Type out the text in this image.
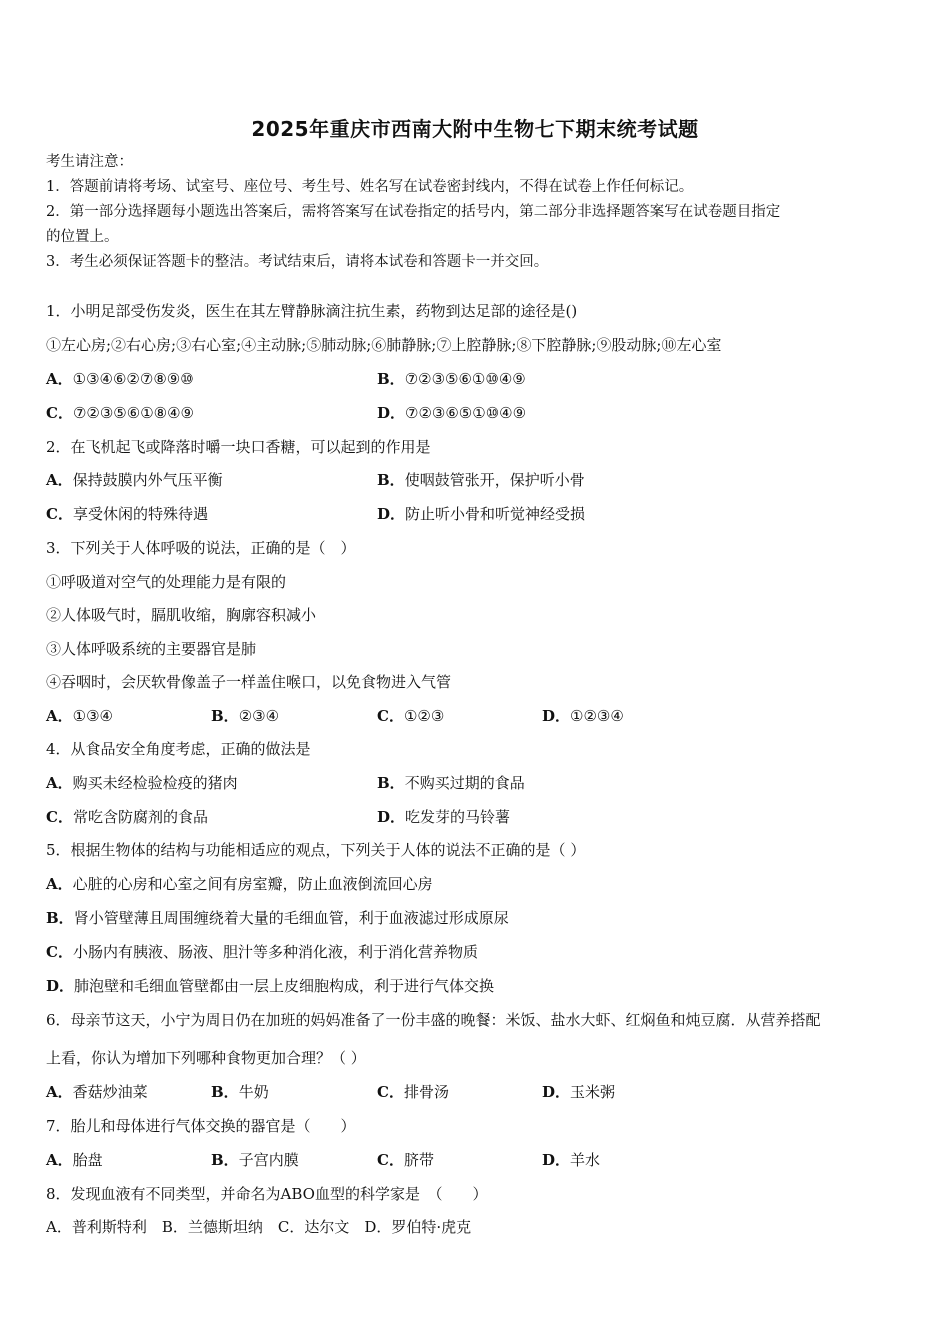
2025年重庆市西南大附中生物七下期末统考试题
考生请注意：
1．答题前请将考场、试室号、座位号、考生号、姓名写在试卷密封线内，不得在试卷上作任何标记。
2．第一部分选择题每小题选出答案后，需将答案写在试卷指定的括号内，第二部分非选择题答案写在试卷题目指定
的位置上。
3．考生必须保证答题卡的整洁。考试结束后，请将本试卷和答题卡一并交回。
1．小明足部受伤发炎，医生在其左臂静脉滴注抗生素，药物到达足部的途径是()
①左心房;②右心房;③右心室;④主动脉;⑤肺动脉;⑥肺静脉;⑦上腔静脉;⑧下腔静脉;⑨股动脉;⑩左心室
A．①③④⑥②⑦⑧⑨⑩	B．⑦②③⑤⑥①⑩④⑨
C．⑦②③⑤⑥①⑧④⑨	D．⑦②③⑥⑤①⑩④⑨
2．在飞机起飞或降落时嚼一块口香糖，可以起到的作用是
A．保持鼓膜内外气压平衡	B．使咽鼓管张开，保护听小骨
C．享受休闲的特殊待遇	D．防止听小骨和听觉神经受损
3．下列关于人体呼吸的说法，正确的是（　）
①呼吸道对空气的处理能力是有限的
②人体吸气时，膈肌收缩，胸廓容积减小
③人体呼吸系统的主要器官是肺
④吞咽时，会厌软骨像盖子一样盖住喉口，以免食物进入气管
A．①③④	B．②③④	C．①②③	D．①②③④
4．从食品安全角度考虑，正确的做法是
A．购买未经检验检疫的猪肉	B．不购买过期的食品
C．常吃含防腐剂的食品	D．吃发芽的马铃薯
5．根据生物体的结构与功能相适应的观点，下列关于人体的说法不正确的是（ ）
A．心脏的心房和心室之间有房室瓣，防止血液倒流回心房
B．肾小管壁薄且周围缠绕着大量的毛细血管，利于血液滤过形成原尿
C．小肠内有胰液、肠液、胆汁等多种消化液，利于消化营养物质
D．肺泡壁和毛细血管壁都由一层上皮细胞构成，利于进行气体交换
6．母亲节这天，小宁为周日仍在加班的妈妈准备了一份丰盛的晚餐：米饭、盐水大虾、红焖鱼和炖豆腐．从营养搭配
上看，你认为增加下列哪种食物更加合理？（ ）
A．香菇炒油菜	B．牛奶	C．排骨汤	D．玉米粥
7．胎儿和母体进行气体交换的器官是（　　）
A．胎盘	B．子宫内膜	C．脐带	D．羊水
8．发现血液有不同类型，并命名为ABO血型的科学家是　（　　）
A．普利斯特利　B．兰德斯坦纳　C．达尔文　D．罗伯特·虎克
